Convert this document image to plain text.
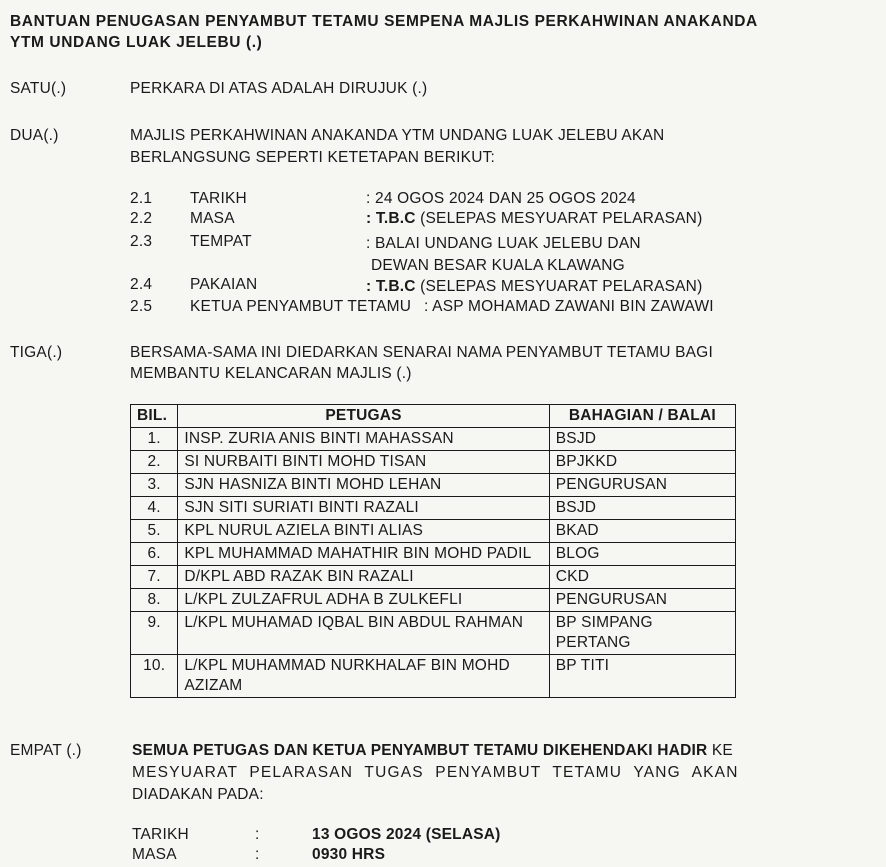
BANTUAN PENUGASAN PENYAMBUT TETAMU SEMPENA MAJLIS PERKAHWINAN ANAKANDA
YTM UNDANG LUAK JELEBU (.)
SATU(.)	PERKARA DI ATAS ADALAH DIRUJUK (.)
DUA(.)	MAJLIS PERKAHWINAN ANAKANDA YTM UNDANG LUAK JELEBU AKAN
BERLANGSUNG SEPERTI KETETAPAN BERIKUT:
2.1 TARIKH	: 24 OGOS 2024 DAN 25 OGOS 2024
2.2 MASA	: T.B.C (SELEPAS MESYUARAT PELARASAN)
2.3 TEMPAT	: BALAI UNDANG LUAK JELEBU DAN
DEWAN BESAR KUALA KLAWANG
2.4 PAKAIAN	: T.B.C (SELEPAS MESYUARAT PELARASAN)
2.5 KETUA PENYAMBUT TETAMU : ASP MOHAMAD ZAWANI BIN ZAWAWI
TIGA(.)	BERSAMA-SAMA INI DIEDARKAN SENARAI NAMA PENYAMBUT TETAMU BAGI
MEMBANTU KELANCARAN MAJLIS (.)
BIL.	PETUGAS	BAHAGIAN / BALAI
1.	INSP. ZURIA ANIS BINTI MAHASSAN	BSJD
2.	SI NURBAITI BINTI MOHD TISAN	BPJKKD
3.	SJN HASNIZA BINTI MOHD LEHAN	PENGURUSAN
4.	SJN SITI SURIATI BINTI RAZALI	BSJD
5.	KPL NURUL AZIELA BINTI ALIAS	BKAD
6.	KPL MUHAMMAD MAHATHIR BIN MOHD PADIL	BLOG
7.	D/KPL ABD RAZAK BIN RAZALI	CKD
8.	L/KPL ZULZAFRUL ADHA B ZULKEFLI	PENGURUSAN
9.	L/KPL MUHAMAD IQBAL BIN ABDUL RAHMAN	BP SIMPANG PERTANG
10.	L/KPL MUHAMMAD NURKHALAF BIN MOHD AZIZAM	BP TITI
EMPAT (.)	SEMUA PETUGAS DAN KETUA PENYAMBUT TETAMU DIKEHENDAKI HADIR KE
MESYUARAT PELARASAN TUGAS PENYAMBUT TETAMU YANG AKAN
DIADAKAN PADA:
TARIKH	:	13 OGOS 2024 (SELASA)
MASA	:	0930 HRS
